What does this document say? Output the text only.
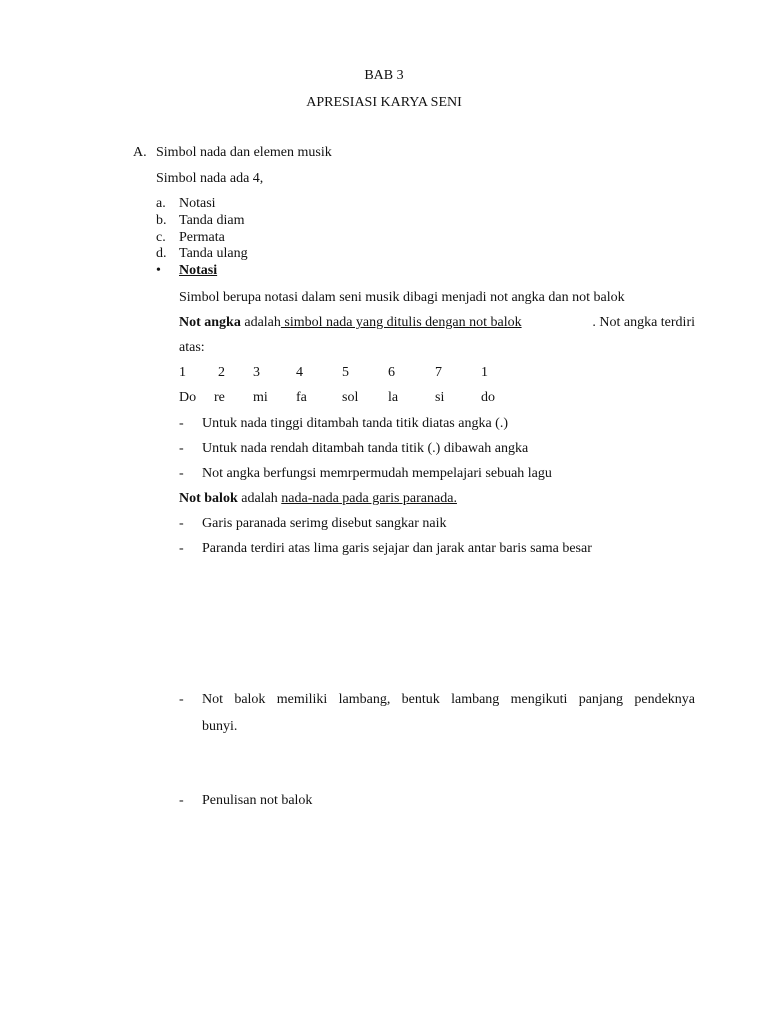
BAB 3
APRESIASI KARYA SENI
A. Simbol nada dan elemen musik
Simbol nada ada 4,
a. Notasi
b. Tanda diam
c. Permata
d. Tanda ulang
• Notasi
Simbol berupa notasi dalam seni musik dibagi menjadi not angka dan not balok
Not angka adalah simbol nada yang ditulis dengan not balok	. Not angka terdiri
atas:
1 2 3	4	5	6	7	1
Do re mi fa	sol la	si	do
- Untuk nada tinggi ditambah tanda titik diatas angka (.)
- Untuk nada rendah ditambah tanda titik (.) dibawah angka
- Not angka berfungsi memrpermudah mempelajari sebuah lagu
Not balok adalah nada-nada pada garis paranada.
- Garis paranada serimg disebut sangkar naik
- Paranda terdiri atas lima garis sejajar dan jarak antar baris sama besar
- Not balok memiliki lambang, bentuk lambang mengikuti panjang pendeknya
bunyi.
- Penulisan not balok
